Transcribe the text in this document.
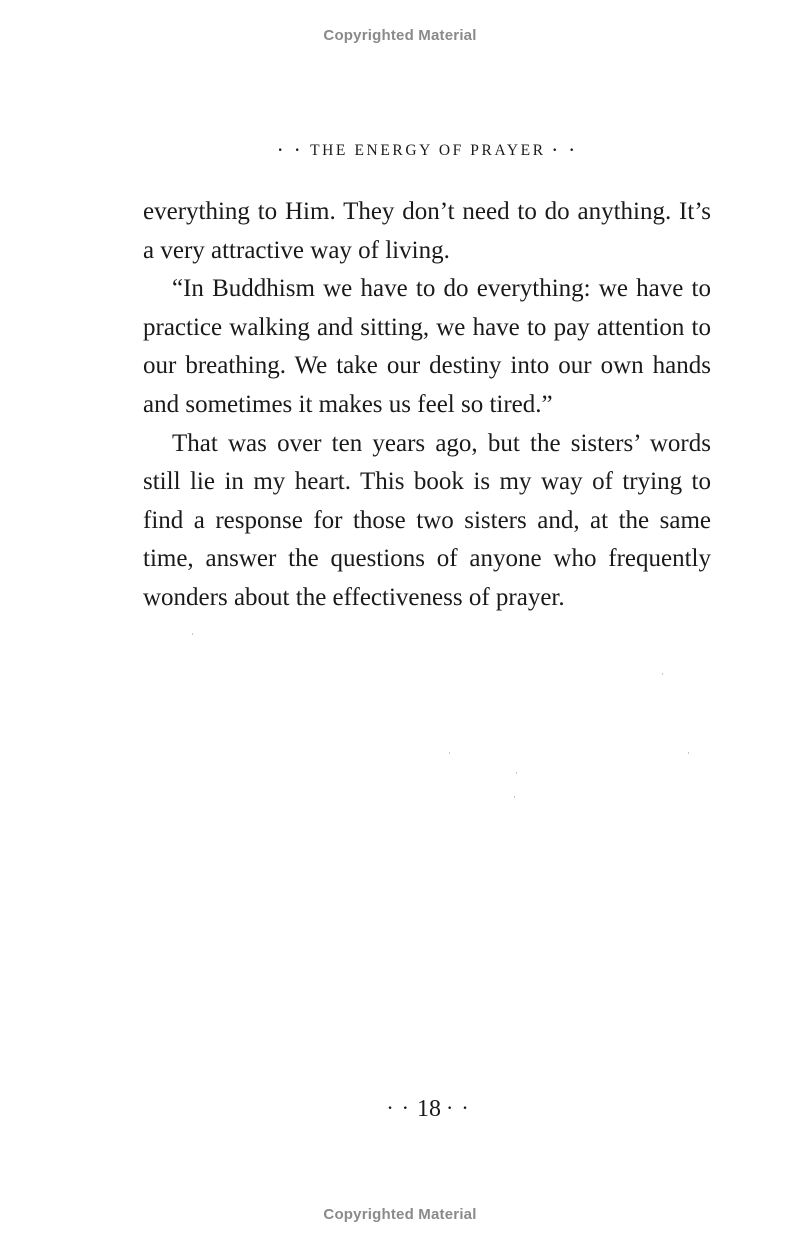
Copyrighted Material
· · THE ENERGY OF PRAYER · ·

everything to Him. They don’t need to do anything. It’s a very attractive way of living.

“In Buddhism we have to do everything: we have to practice walking and sitting, we have to pay attention to our breathing. We take our destiny into our own hands and sometimes it makes us feel so tired.”

That was over ten years ago, but the sisters’ words still lie in my heart. This book is my way of trying to find a response for those two sisters and, at the same time, answer the questions of anyone who frequently wonders about the effectiveness of prayer.

· · 18 · ·
Copyrighted Material
